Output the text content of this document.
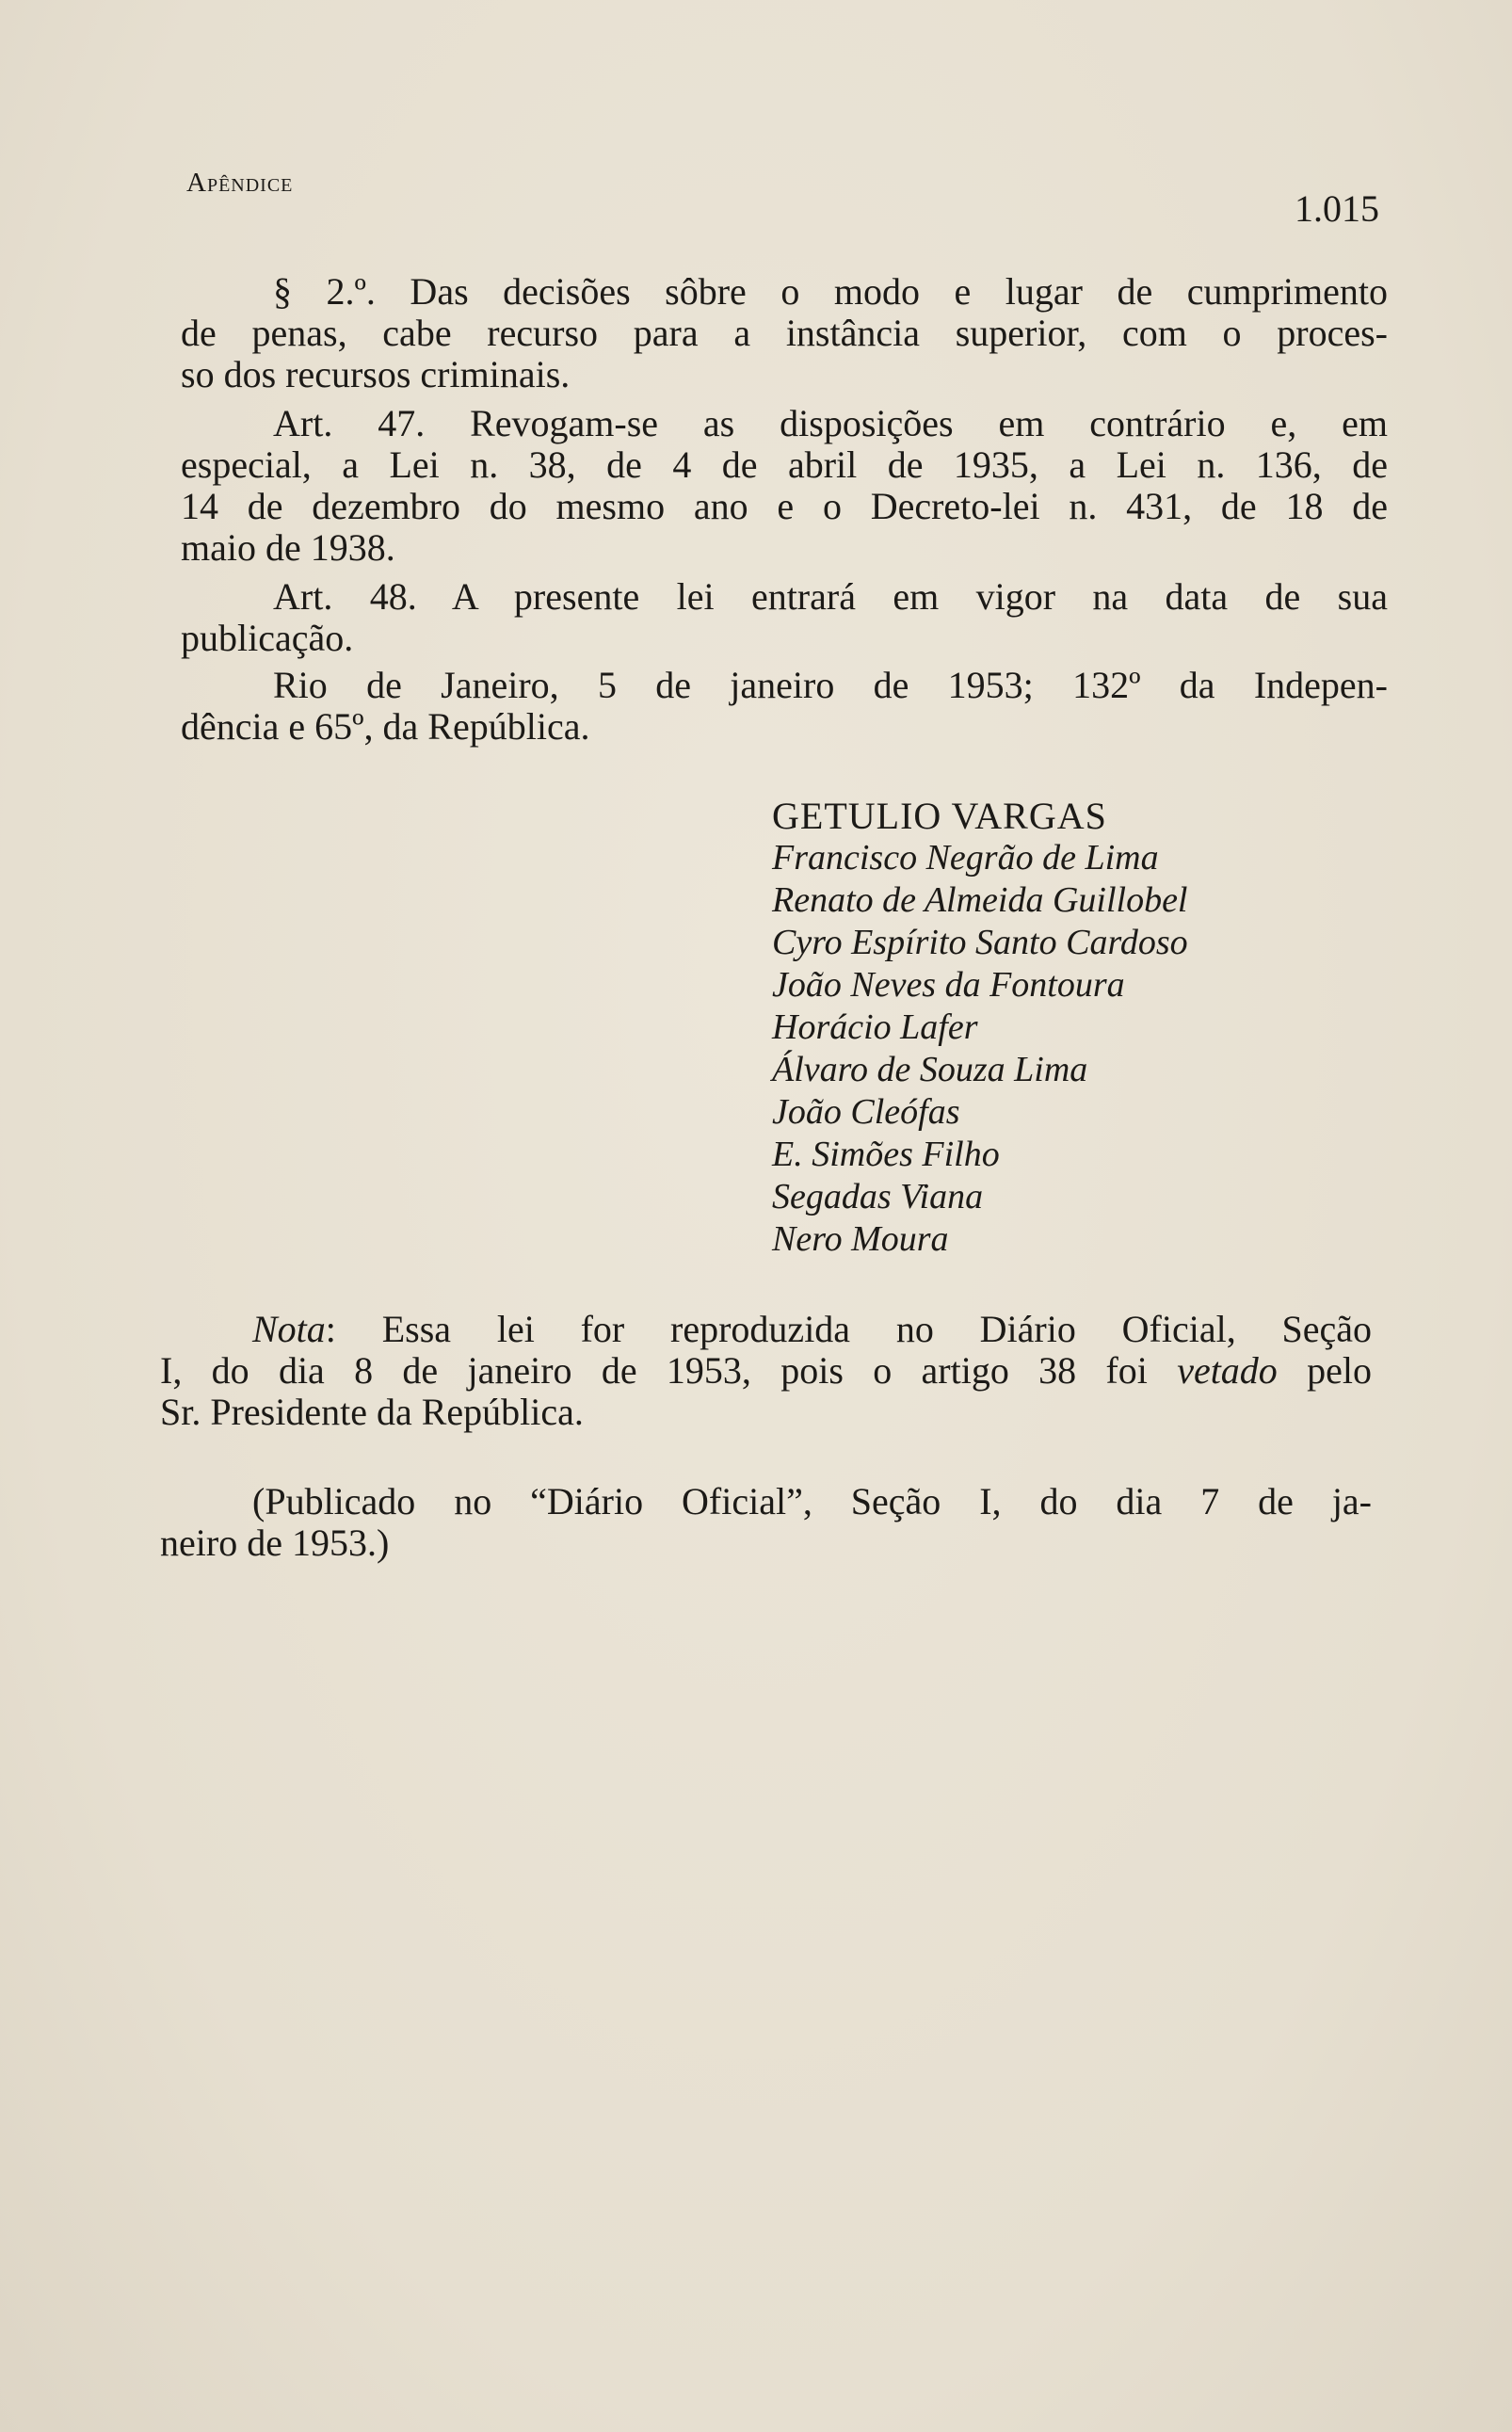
Apêndice
1.015
§ 2.º. Das decisões sôbre o modo e lugar de cumprimento
de penas, cabe recurso para a instância superior, com o proces-
so dos recursos criminais.
Art. 47. Revogam-se as disposições em contrário e, em
especial, a Lei n. 38, de 4 de abril de 1935, a Lei n. 136, de
14 de dezembro do mesmo ano e o Decreto-lei n. 431, de 18 de
maio de 1938.
Art. 48. A presente lei entrará em vigor na data de sua
publicação.
Rio de Janeiro, 5 de janeiro de 1953; 132º da Indepen-
dência e 65º, da República.
GETULIO VARGAS
Francisco Negrão de Lima
Renato de Almeida Guillobel
Cyro Espírito Santo Cardoso
João Neves da Fontoura
Horácio Lafer
Álvaro de Souza Lima
João Cleófas
E. Simões Filho
Segadas Viana
Nero Moura
Nota: Essa lei for reproduzida no Diário Oficial, Seção
I, do dia 8 de janeiro de 1953, pois o artigo 38 foi vetado pelo
Sr. Presidente da República.
(Publicado no “Diário Oficial”, Seção I, do dia 7 de ja-
neiro de 1953.)
